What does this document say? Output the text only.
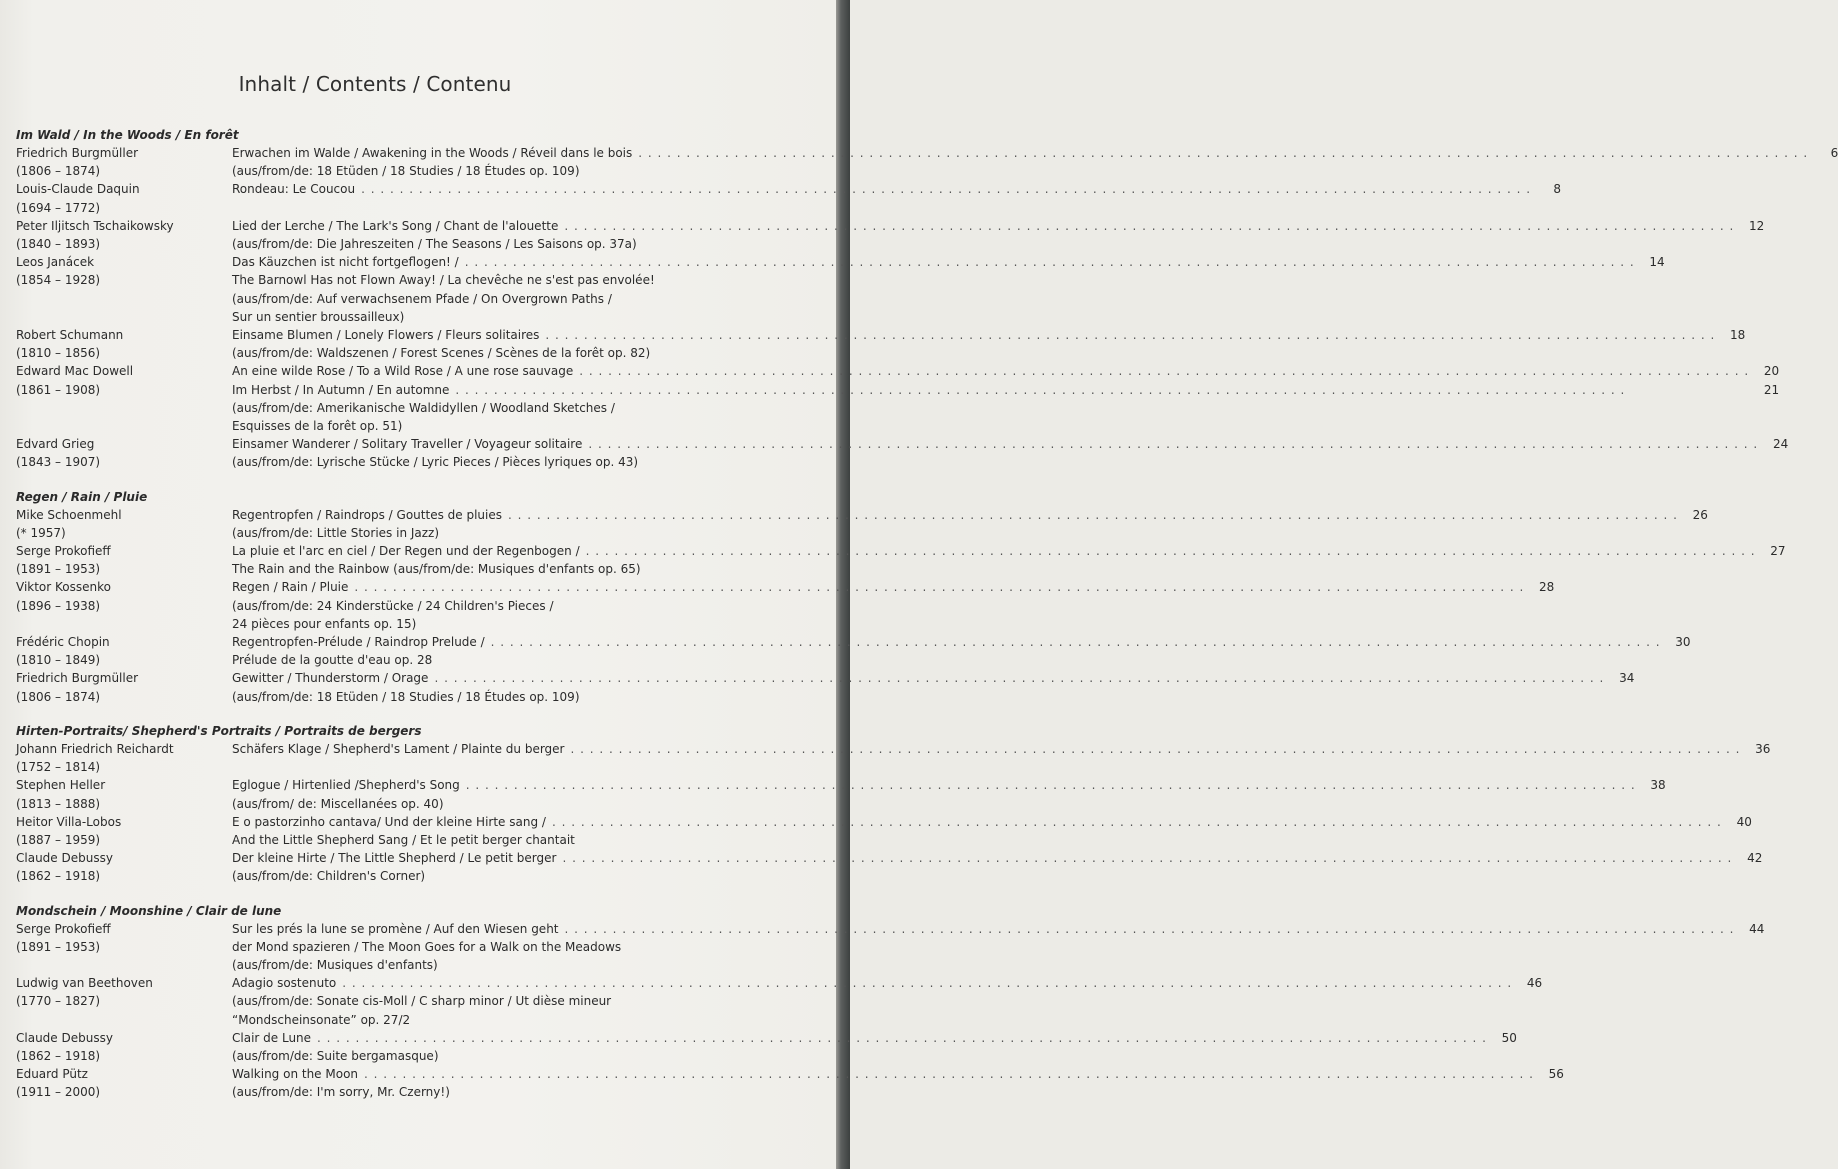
Inhalt / Contents / Contenu
Im Wald / In the Woods / En forêt
Friedrich Burgmüller
(1806 – 1874)
Erwachen im Walde / Awakening in the Woods / Réveil dans le bois . . .	6
(aus/from/de: 18 Etüden / 18 Studies / 18 Études op. 109)
Louis-Claude Daquin
(1694 – 1772)
Rondeau: Le Coucou . . .	8
Peter Iljitsch Tschaikowsky
(1840 – 1893)
Lied der Lerche / The Lark's Song / Chant de l'alouette . . .	12
(aus/from/de: Die Jahreszeiten / The Seasons / Les Saisons op. 37a)
Leos Janácek
(1854 – 1928)
Das Käuzchen ist nicht fortgeflogen! / . . .	14
The Barnowl Has not Flown Away! / La chevêche ne s'est pas envolée!
(aus/from/de: Auf verwachsenem Pfade / On Overgrown Paths /
Sur un sentier broussailleux)
Robert Schumann
(1810 – 1856)
Einsame Blumen / Lonely Flowers / Fleurs solitaires . . .	18
(aus/from/de: Waldszenen / Forest Scenes / Scènes de la forêt op. 82)
Edward Mac Dowell
(1861 – 1908)
An eine wilde Rose / To a Wild Rose / A une rose sauvage . . .	20
Im Herbst / In Autumn / En automne . . .	21
(aus/from/de: Amerikanische Waldidyllen / Woodland Sketches /
Esquisses de la forêt op. 51)
Edvard Grieg
(1843 – 1907)
Einsamer Wanderer / Solitary Traveller / Voyageur solitaire . . .	24
(aus/from/de: Lyrische Stücke / Lyric Pieces / Pièces lyriques op. 43)
Regen / Rain / Pluie
Mike Schoenmehl
(* 1957)
Regentropfen / Raindrops / Gouttes de pluies . . .	26
(aus/from/de: Little Stories in Jazz)
Serge Prokofieff
(1891 – 1953)
La pluie et l'arc en ciel / Der Regen und der Regenbogen / . . .	27
The Rain and the Rainbow (aus/from/de: Musiques d'enfants op. 65)
Viktor Kossenko
(1896 – 1938)
Regen / Rain / Pluie . . .	28
(aus/from/de: 24 Kinderstücke / 24 Children's Pieces /
24 pièces pour enfants op. 15)
Frédéric Chopin
(1810 – 1849)
Regentropfen-Prélude / Raindrop Prelude / . . .	30
Prélude de la goutte d'eau op. 28
Friedrich Burgmüller
(1806 – 1874)
Gewitter / Thunderstorm / Orage . . .	34
(aus/from/de: 18 Etüden / 18 Studies / 18 Études op. 109)
Hirten-Portraits/ Shepherd's Portraits / Portraits de bergers
Johann Friedrich Reichardt
(1752 – 1814)
Schäfers Klage / Shepherd's Lament / Plainte du berger . . .	36
Stephen Heller
(1813 – 1888)
Eglogue / Hirtenlied /Shepherd's Song . . .	38
(aus/from/ de: Miscellanées op. 40)
Heitor Villa-Lobos
(1887 – 1959)
E o pastorzinho cantava/ Und der kleine Hirte sang / . . .	40
And the Little Shepherd Sang / Et le petit berger chantait
Claude Debussy
(1862 – 1918)
Der kleine Hirte / The Little Shepherd / Le petit berger . . .	42
(aus/from/de: Children's Corner)
Mondschein / Moonshine / Clair de lune
Serge Prokofieff
(1891 – 1953)
Sur les prés la lune se promène / Auf den Wiesen geht . . .	44
der Mond spazieren / The Moon Goes for a Walk on the Meadows
(aus/from/de: Musiques d'enfants)
Ludwig van Beethoven
(1770 – 1827)
Adagio sostenuto . . .	46
(aus/from/de: Sonate cis-Moll / C sharp minor / Ut dièse mineur
“Mondscheinsonate” op. 27/2
Claude Debussy
(1862 – 1918)
Clair de Lune . . .	50
(aus/from/de: Suite bergamasque)
Eduard Pütz
(1911 – 2000)
Walking on the Moon . . .	56
(aus/from/de: I'm sorry, Mr. Czerny!)
